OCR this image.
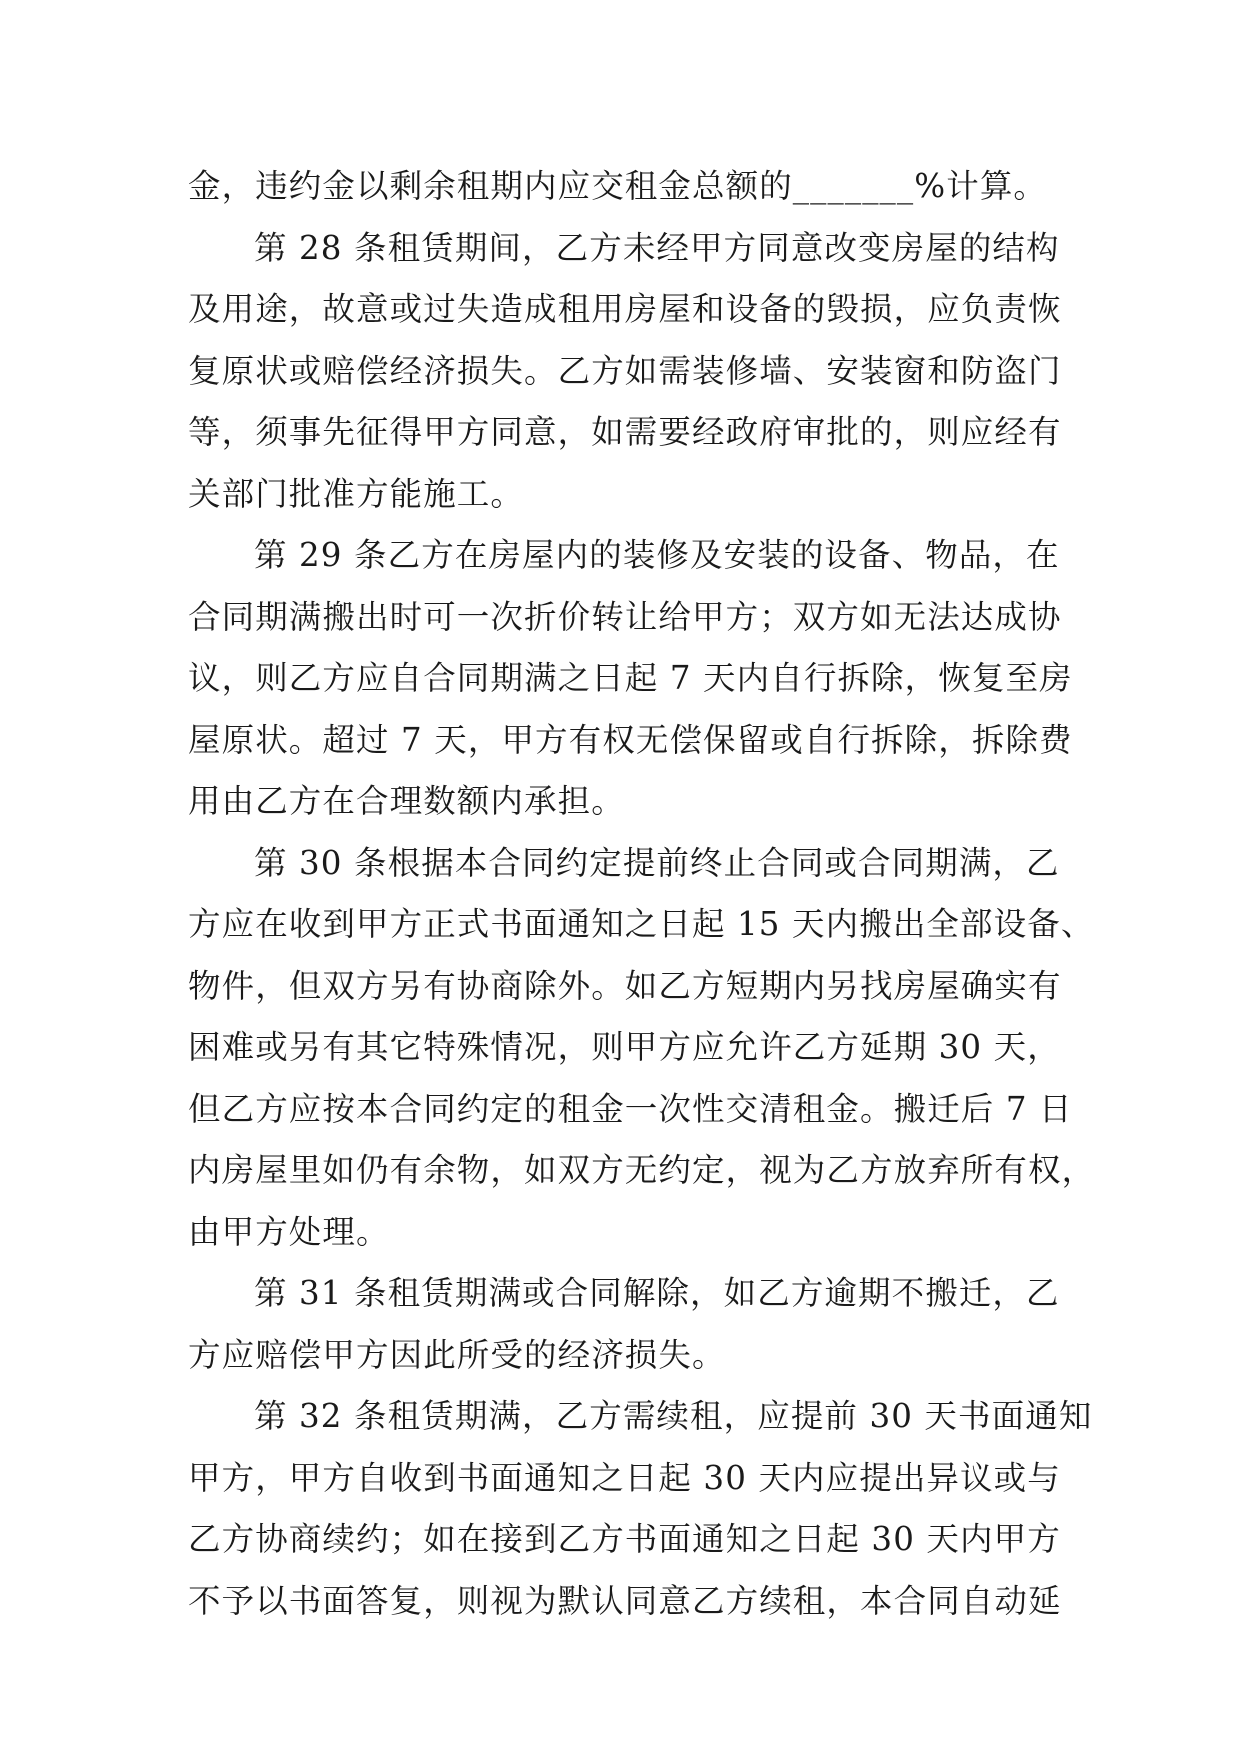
金，违约金以剩余租期内应交租金总额的_______%计算。
第 28 条租赁期间，乙方未经甲方同意改变房屋的结构
及用途，故意或过失造成租用房屋和设备的毁损，应负责恢
复原状或赔偿经济损失。乙方如需装修墙、安装窗和防盗门
等，须事先征得甲方同意，如需要经政府审批的，则应经有
关部门批准方能施工。
第 29 条乙方在房屋内的装修及安装的设备、物品，在
合同期满搬出时可一次折价转让给甲方；双方如无法达成协
议，则乙方应自合同期满之日起 7 天内自行拆除，恢复至房
屋原状。超过 7 天，甲方有权无偿保留或自行拆除，拆除费
用由乙方在合理数额内承担。
第 30 条根据本合同约定提前终止合同或合同期满，乙
方应在收到甲方正式书面通知之日起 15 天内搬出全部设备、
物件，但双方另有协商除外。如乙方短期内另找房屋确实有
困难或另有其它特殊情况，则甲方应允许乙方延期 30 天，
但乙方应按本合同约定的租金一次性交清租金。搬迁后 7 日
内房屋里如仍有余物，如双方无约定，视为乙方放弃所有权，
由甲方处理。
第 31 条租赁期满或合同解除，如乙方逾期不搬迁，乙
方应赔偿甲方因此所受的经济损失。
第 32 条租赁期满，乙方需续租，应提前 30 天书面通知
甲方，甲方自收到书面通知之日起 30 天内应提出异议或与
乙方协商续约；如在接到乙方书面通知之日起 30 天内甲方
不予以书面答复，则视为默认同意乙方续租，本合同自动延
